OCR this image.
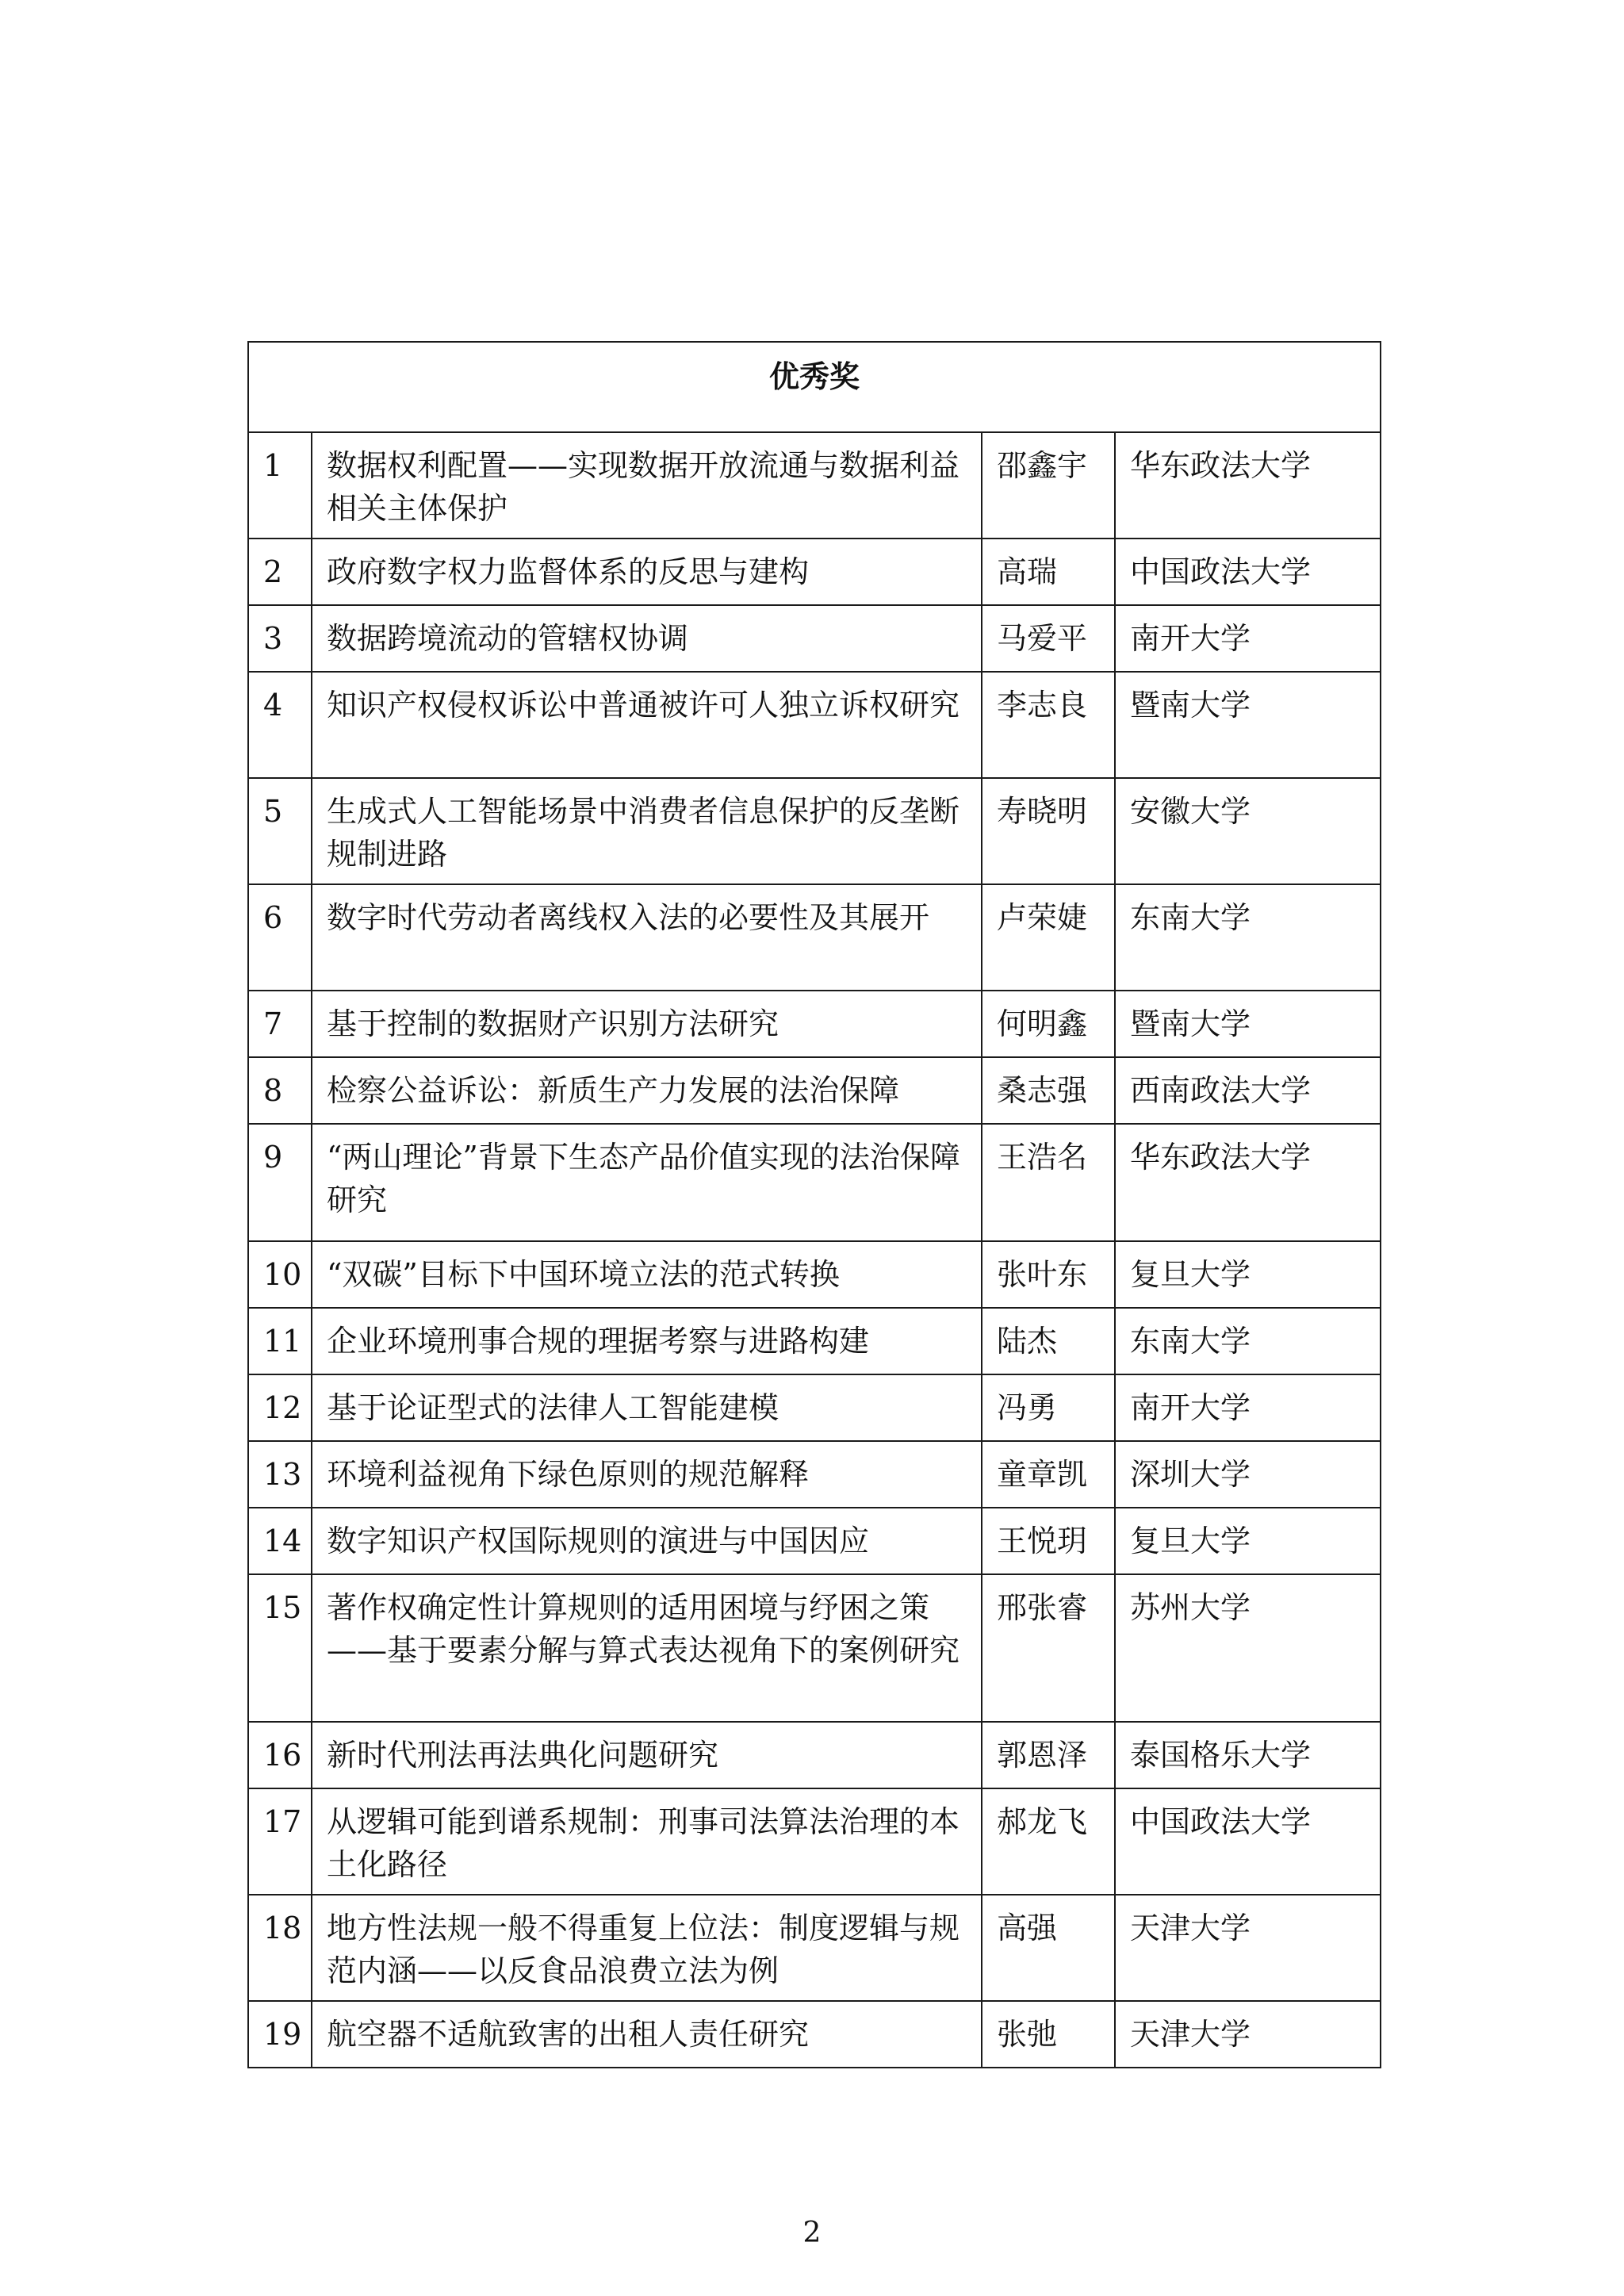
优秀奖			
1	数据权利配置——实现数据开放流通与数据利益相关主体保护	邵鑫宇	华东政法大学
2	政府数字权力监督体系的反思与建构	高瑞	中国政法大学
3	数据跨境流动的管辖权协调	马爱平	南开大学
4	知识产权侵权诉讼中普通被许可人独立诉权研究	李志良	暨南大学
5	生成式人工智能场景中消费者信息保护的反垄断规制进路	寿晓明	安徽大学
6	数字时代劳动者离线权入法的必要性及其展开	卢荣婕	东南大学
7	基于控制的数据财产识别方法研究	何明鑫	暨南大学
8	检察公益诉讼：新质生产力发展的法治保障	桑志强	西南政法大学
9	“两山理论”背景下生态产品价值实现的法治保障研究	王浩名	华东政法大学
10	“双碳”目标下中国环境立法的范式转换	张叶东	复旦大学
11	企业环境刑事合规的理据考察与进路构建	陆杰	东南大学
12	基于论证型式的法律人工智能建模	冯勇	南开大学
13	环境利益视角下绿色原则的规范解释	童章凯	深圳大学
14	数字知识产权国际规则的演进与中国因应	王悦玥	复旦大学
15	著作权确定性计算规则的适用困境与纾困之策——基于要素分解与算式表达视角下的案例研究	邢张睿	苏州大学
16	新时代刑法再法典化问题研究	郭恩泽	泰国格乐大学
17	从逻辑可能到谱系规制：刑事司法算法治理的本土化路径	郝龙飞	中国政法大学
18	地方性法规一般不得重复上位法：制度逻辑与规范内涵——以反食品浪费立法为例	高强	天津大学
19	航空器不适航致害的出租人责任研究	张弛	天津大学
2
